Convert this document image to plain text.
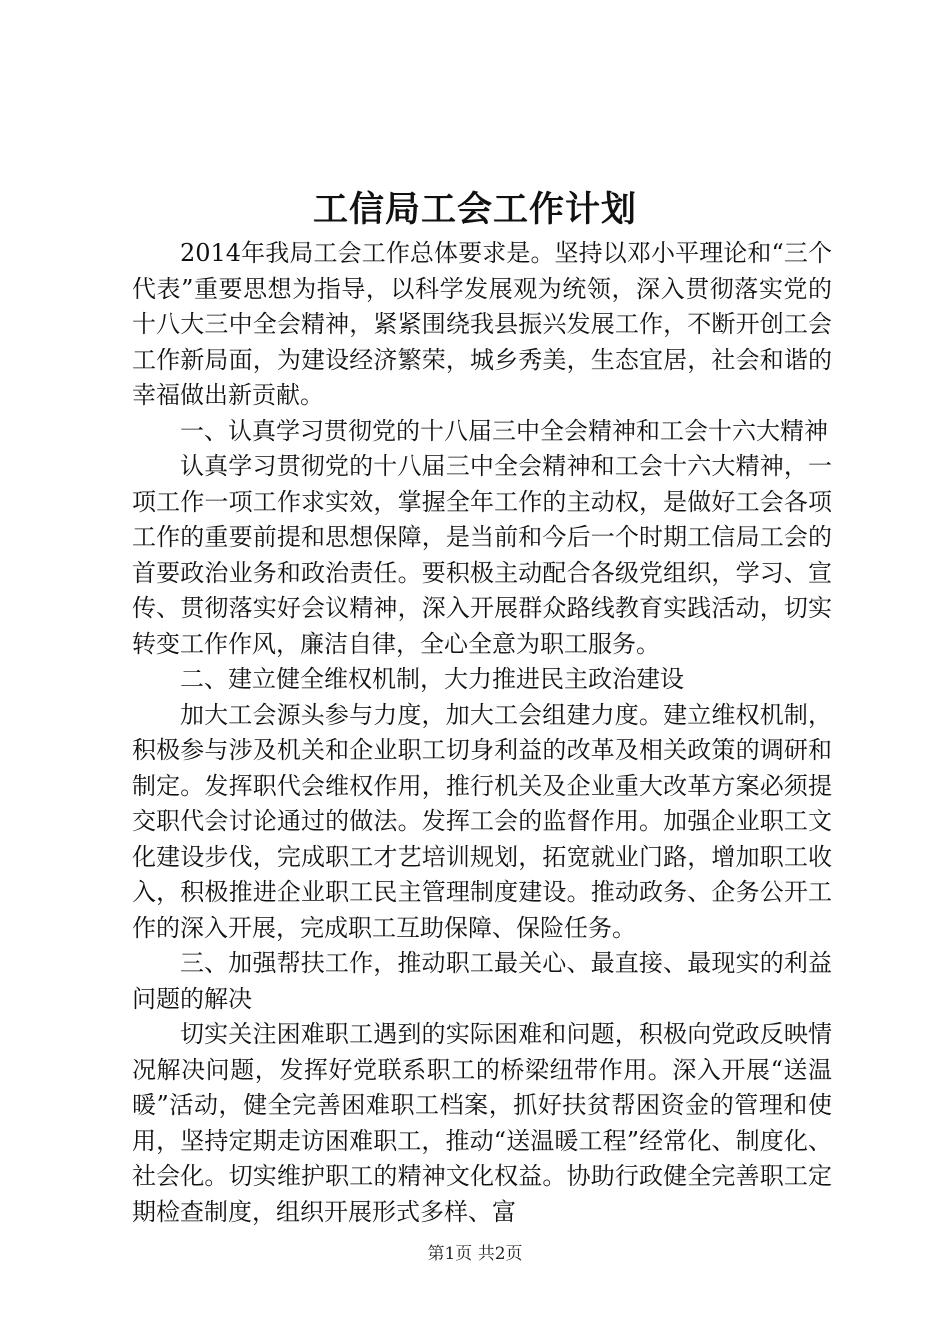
工信局工会工作计划

2014年我局工会工作总体要求是。坚持以邓小平理论和“三个代表”重要思想为指导，以科学发展观为统领，深入贯彻落实党的十八大三中全会精神，紧紧围绕我县振兴发展工作，不断开创工会工作新局面，为建设经济繁荣，城乡秀美，生态宜居，社会和谐的幸福做出新贡献。

一、认真学习贯彻党的十八届三中全会精神和工会十六大精神

认真学习贯彻党的十八届三中全会精神和工会十六大精神，一项工作一项工作求实效，掌握全年工作的主动权，是做好工会各项工作的重要前提和思想保障，是当前和今后一个时期工信局工会的首要政治业务和政治责任。要积极主动配合各级党组织，学习、宣传、贯彻落实好会议精神，深入开展群众路线教育实践活动，切实转变工作作风，廉洁自律，全心全意为职工服务。

二、建立健全维权机制，大力推进民主政治建设

加大工会源头参与力度，加大工会组建力度。建立维权机制，积极参与涉及机关和企业职工切身利益的改革及相关政策的调研和制定。发挥职代会维权作用，推行机关及企业重大改革方案必须提交职代会讨论通过的做法。发挥工会的监督作用。加强企业职工文化建设步伐，完成职工才艺培训规划，拓宽就业门路，增加职工收入，积极推进企业职工民主管理制度建设。推动政务、企务公开工作的深入开展，完成职工互助保障、保险任务。

三、加强帮扶工作，推动职工最关心、最直接、最现实的利益问题的解决

切实关注困难职工遇到的实际困难和问题，积极向党政反映情况解决问题，发挥好党联系职工的桥梁纽带作用。深入开展“送温暖”活动，健全完善困难职工档案，抓好扶贫帮困资金的管理和使用，坚持定期走访困难职工，推动“送温暖工程”经常化、制度化、社会化。切实维护职工的精神文化权益。协助行政健全完善职工定期检查制度，组织开展形式多样、富

第1页 共2页
